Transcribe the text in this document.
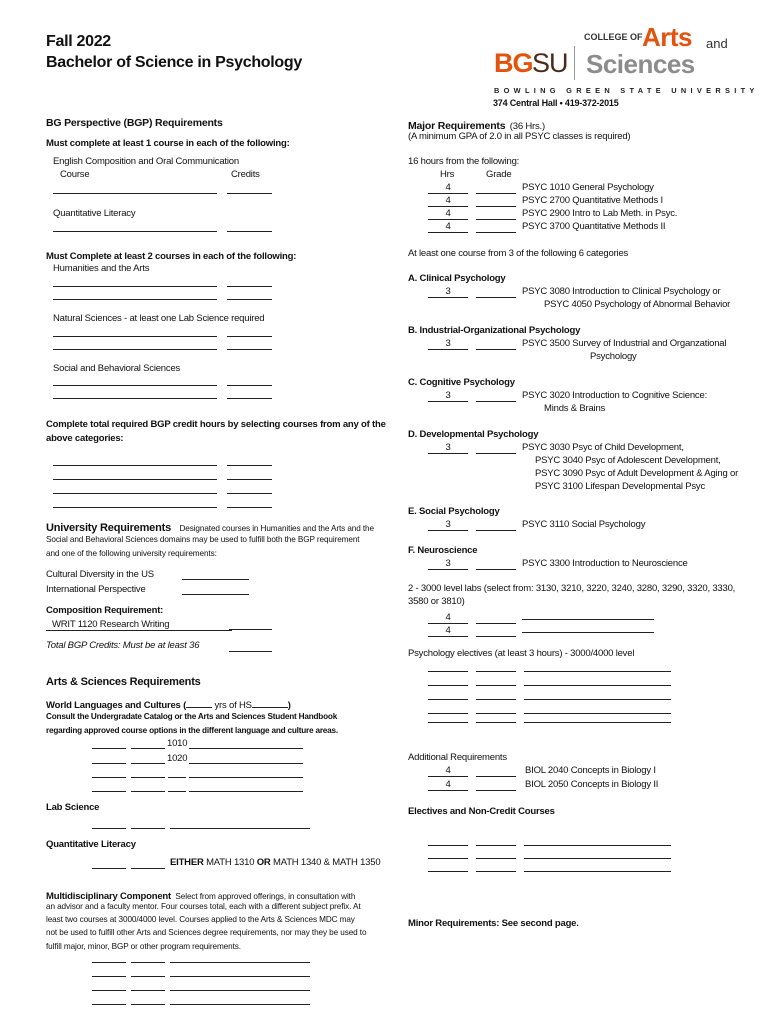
Fall 2022
Bachelor of Science in Psychology	BG SU
COLLEGE OF Arts and
Sciences
BOWLING GREEN STATE UNIVERSITY
374 Central Hall • 419-372-2015
BG Perspective (BGP) Requirements
Must complete at least 1 course in each of the following:
English Composition and Oral Communication
Course	Credits
Quantitative Literacy
Must Complete at least 2 courses in each of the following:
Humanities and the Arts
Natural Sciences - at least one Lab Science required
Social and Behavioral Sciences
Complete total required BGP credit hours by selecting courses from any of the above categories:
University Requirements Designated courses in Humanities and the Arts and the
Social and Behavioral Sciences domains may be used to fulfill both the BGP requirement
and one of the following university requirements:
Cultural Diversity in the US
International Perspective
Composition Requirement:
WRIT 1120 Research Writing
Total BGP Credits: Must be at least 36
Arts & Sciences Requirements
World Languages and Cultures (	yrs of HS	)
Consult the Undergradate Catalog or the Arts and Sciences Student Handbook
regarding approved course options in the different language and culture areas.
1010
1020
Lab Science
Quantitative Literacy
EITHER MATH 1310 OR MATH 1340 & MATH 1350
Multidisciplinary Component Select from approved offerings, in consultation with
an advisor and a faculty mentor. Four courses total, each with a different subject prefix. At
least two courses at 3000/4000 level. Courses applied to the Arts & Sciences MDC may
not be used to fulfill other Arts and Sciences degree requirements, nor may they be used to
fulfill major, minor, BGP or other program requirements.
Major Requirements (36 Hrs.)
(A minimum GPA of 2.0 in all PSYC classes is required)
16 hours from the following:
Hrs	Grade
4	PSYC 1010 General Psychology
4	PSYC 2700 Quantitative Methods I
4	PSYC 2900 Intro to Lab Meth. in Psyc.
4	PSYC 3700 Quantitative Methods II
At least one course from 3 of the following 6 categories
A. Clinical Psychology
3	PSYC 3080 Introduction to Clinical Psychology or
PSYC 4050 Psychology of Abnormal Behavior
B. Industrial-Organizational Psychology
3	PSYC 3500 Survey of Industrial and Organzational
Psychology
C. Cognitive Psychology
3	PSYC 3020 Introduction to Cognitive Science:
Minds & Brains
D. Developmental Psychology
3	PSYC 3030 Psyc of Child Development,
PSYC 3040 Psyc of Adolescent Development,
PSYC 3090 Psyc of Adult Development & Aging or
PSYC 3100 Lifespan Developmental Psyc
E. Social Psychology
3	PSYC 3110 Social Psychology
F. Neuroscience
3	PSYC 3300 Introduction to Neuroscience
2 - 3000 level labs (select from: 3130, 3210, 3220, 3240, 3280, 3290, 3320, 3330,
3580 or 3810)
4
4
Psychology electives (at least 3 hours) - 3000/4000 level
Additional Requirements
4	BIOL 2040 Concepts in Biology I
4	BIOL 2050 Concepts in Biology II
Electives and Non-Credit Courses
Minor Requirements: See second page.
